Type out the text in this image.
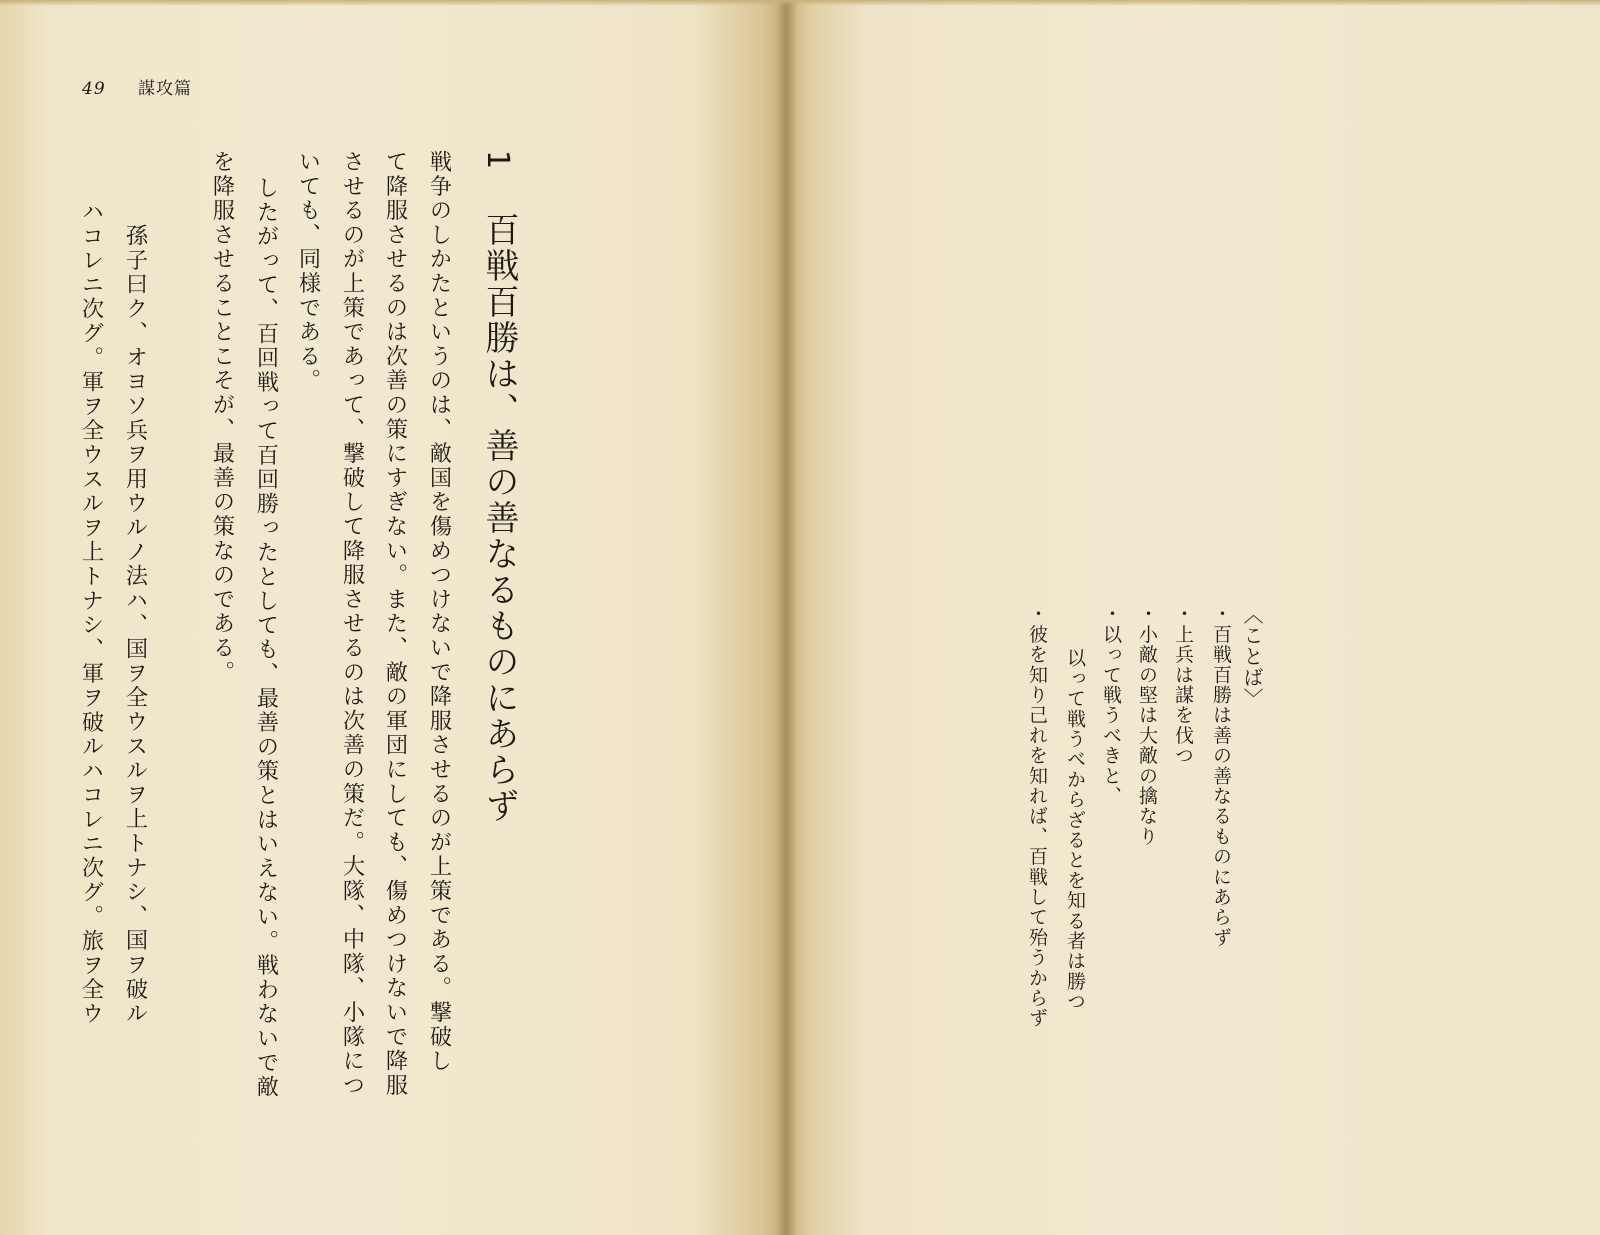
49 謀攻篇
1
百戦百勝は、善の善なるものにあらず
戦争のしかたというのは、敵国を傷めつけないで降服させるのが上策である。撃破し
て降服させるのは次善の策にすぎない。また、敵の軍団にしても、傷めつけないで降服
させるのが上策であって、撃破して降服させるのは次善の策だ。大隊、中隊、小隊につ
いても、同様である。
したがって、百回戦って百回勝ったとしても、最善の策とはいえない。戦わないで敵
を降服させることこそが、最善の策なのである。
孫子曰ク、オヨソ兵ヲ用ウルノ法ハ、国ヲ全ウスルヲ上トナシ、国ヲ破ル
ハコレニ次グ。軍ヲ全ウスルヲ上トナシ、軍ヲ破ルハコレニ次グ。旅ヲ全ウ	〈ことば〉
・百戦百勝は善の善なるものにあらず
・上兵は謀を伐つ
・小敵の堅は大敵の擒なり
・以って戦うべきと、
以って戦うべからざるとを知る者は勝つ
・彼を知り己れを知れば、百戦して殆うからず
